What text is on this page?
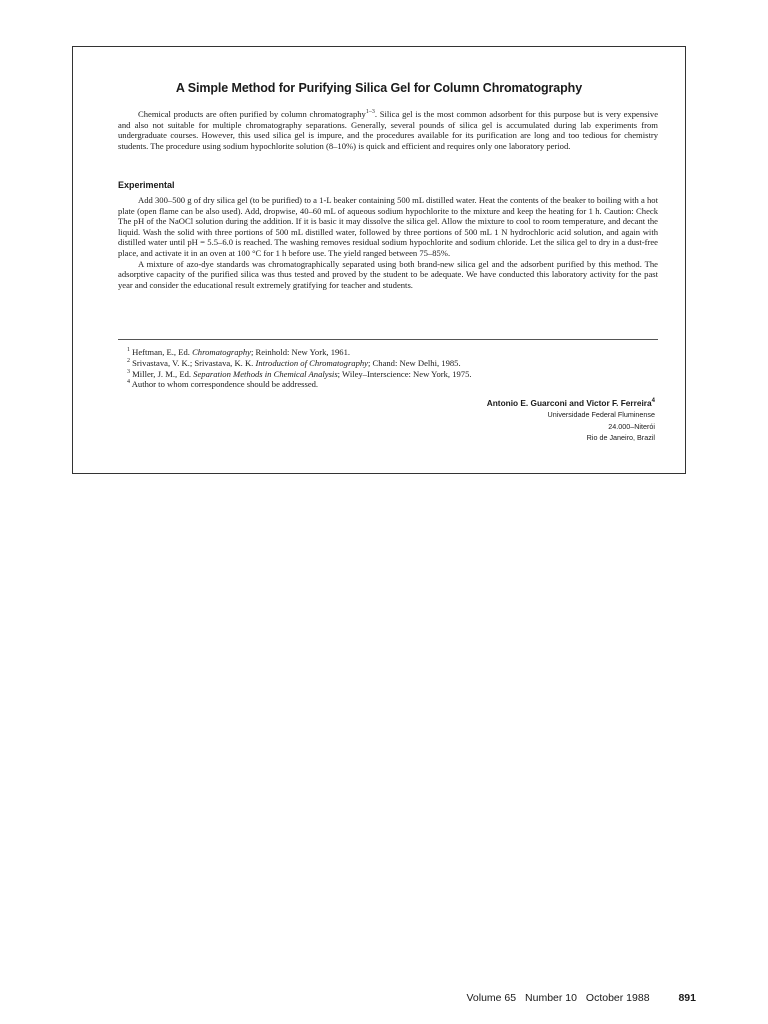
A Simple Method for Purifying Silica Gel for Column Chromatography

Chemical products are often purified by column chromatography$^{1-3}$. Silica gel is the most common adsorbent for this purpose but is very expensive and also not suitable for multiple chromatography separations. Generally, several pounds of silica gel is accumulated during lab experiments from undergraduate courses. However, this used silica gel is impure, and the procedures available for its purification are long and too tedious for chemistry students. The procedure using sodium hypochlorite solution (8–10%) is quick and efficient and requires only one laboratory period.

Experimental

Add 300–500 g of dry silica gel (to be purified) to a 1-L beaker containing 500 mL distilled water. Heat the contents of the beaker to boiling with a hot plate (open flame can be also used). Add, dropwise, 40–60 mL of aqueous sodium hypochlorite to the mixture and keep the heating for 1 h. Caution: Check The pH of the NaOCl solution during the addition. If it is basic it may dissolve the silica gel. Allow the mixture to cool to room temperature, and decant the liquid. Wash the solid with three portions of 500 mL distilled water, followed by three portions of 500 mL 1 N hydrochloric acid solution, and again with distilled water until pH = 5.5–6.0 is reached. The washing removes residual sodium hypochlorite and sodium chloride. Let the silica gel to dry in a dust-free place, and activate it in an oven at 100 °C for 1 h before use. The yield ranged between 75–85%.

A mixture of azo-dye standards was chromatographically separated using both brand-new silica gel and the adsorbent purified by this method. The adsorptive capacity of the purified silica was thus tested and proved by the student to be adequate. We have conducted this laboratory activity for the past year and consider the educational result extremely gratifying for teacher and students.

$^1$ Heftman, E., Ed. Chromatography; Reinhold: New York, 1961.
$^2$ Srivastava, V. K.; Srivastava, K. K. Introduction of Chromatography; Chand: New Delhi, 1985.
$^3$ Miller, J. M., Ed. Separation Methods in Chemical Analysis; Wiley–Interscience: New York, 1975.
$^4$ Author to whom correspondence should be addressed.
Antonio E. Guarconi and Victor F. Ferreira$^4$
Universidade Federal Fluminense
24.000–Niterói
Rio de Janeiro, Brazil
Volume 65 Number 10 October 1988	891
